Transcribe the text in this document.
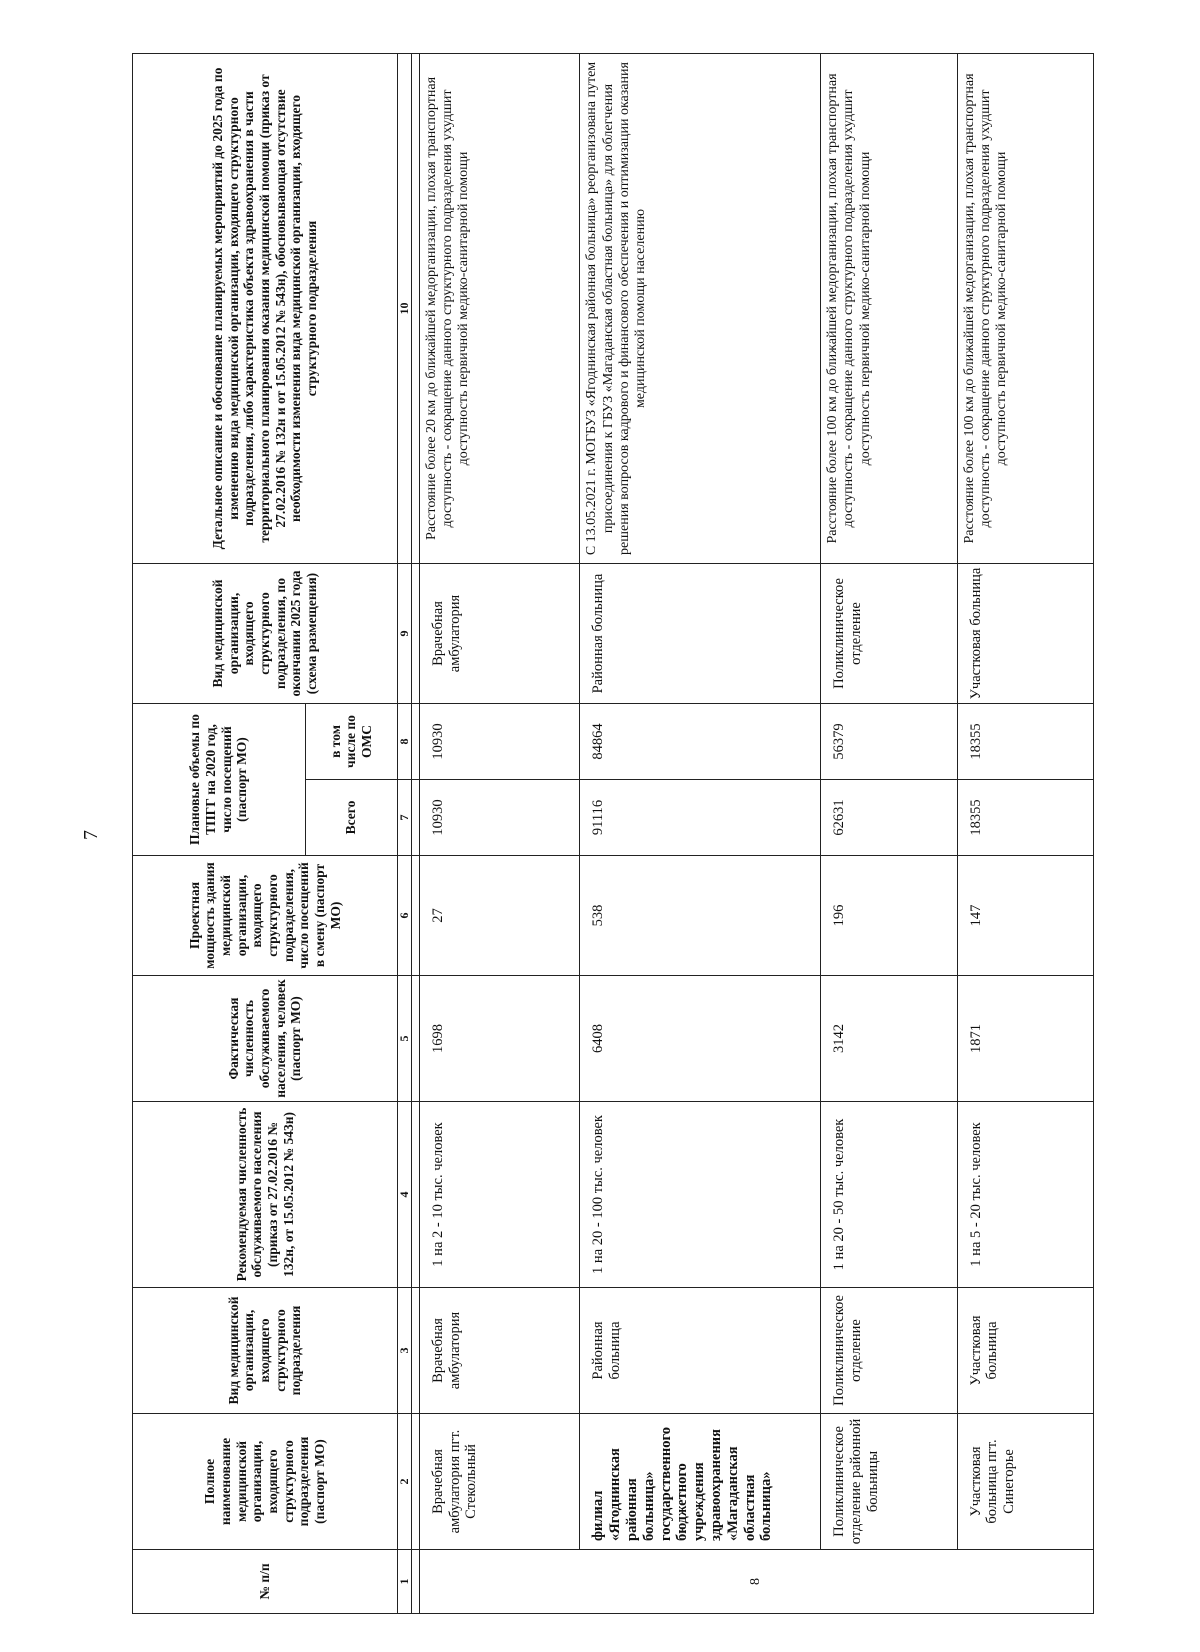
7
№ п/п	Полное наименование медицинской организации, входящего структурного подразделения (паспорт МО)	Вид медицинской организации, входящего структурного подразделения	Рекомендуемая численность обслуживаемого населения (приказ от 27.02.2016 № 132н, от 15.05.2012 № 543н)	Фактическая численность обслуживаемого населения, человек (паспорт МО)	Проектная мощность здания медицинской организации, входящего структурного подразделения, число посещений в смену (паспорт МО)	Плановые объемы по ТПГГ на 2020 год, число посещений (паспорт МО)		Вид медицинской организации, входящего структурного подразделения, по окончании 2025 года (схема размещения)	Детальное описание и обоснование планируемых мероприятий до 2025 года по изменению вида медицинской организации, входящего структурного подразделения, либо характеристика объекта здравоохранения в части территориального планирования оказания медицинской помощи (приказ от 27.02.2016 № 132н и от 15.05.2012 № 543н), обосновывающая отсутствие необходимости изменения вида медицинской организации, входящего структурного подразделения
						Всего	в том числе по ОМС		
1	2	3	4	5	6	7	8	9	10

8	Врачебная амбулатория пгт. Стекольный	Врачебная амбулатория	1 на 2 - 10 тыс. человек	1698	27	10930	10930	Врачебная амбулатория	Расстояние более 20 км до ближайшей медорганизации, плохая транспортная доступность - сокращение данного структурного подразделения ухудшит доступность первичной медико-санитарной помощи
	филиал «Ягоднинская районная больница» государственного бюджетного учреждения здравоохранения «Магаданская областная больница»	Районная больница	1 на 20 - 100 тыс. человек	6408	538	91116	84864	Районная больница	С 13.05.2021 г. МОГБУЗ «Ягоднинская районная больница» реорганизована путем присоединения к ГБУЗ «Магаданская областная больница» для облегчения решения вопросов кадрового и финансового обеспечения и оптимизации оказания медицинской помощи населению
	Поликлиническое отделение районной больницы	Поликлиническое отделение	1 на 20 - 50 тыс. человек	3142	196	62631	56379	Поликлиническое отделение	Расстояние более 100 км до ближайшей медорганизации, плохая транспортная доступность - сокращение данного структурного подразделения ухудшит доступность первичной медико-санитарной помощи
	Участковая больница пгт. Синегорье	Участковая больница	1 на 5 - 20 тыс. человек	1871	147	18355	18355	Участковая больница	Расстояние более 100 км до ближайшей медорганизации, плохая транспортная доступность - сокращение данного структурного подразделения ухудшит доступность первичной медико-санитарной помощи
